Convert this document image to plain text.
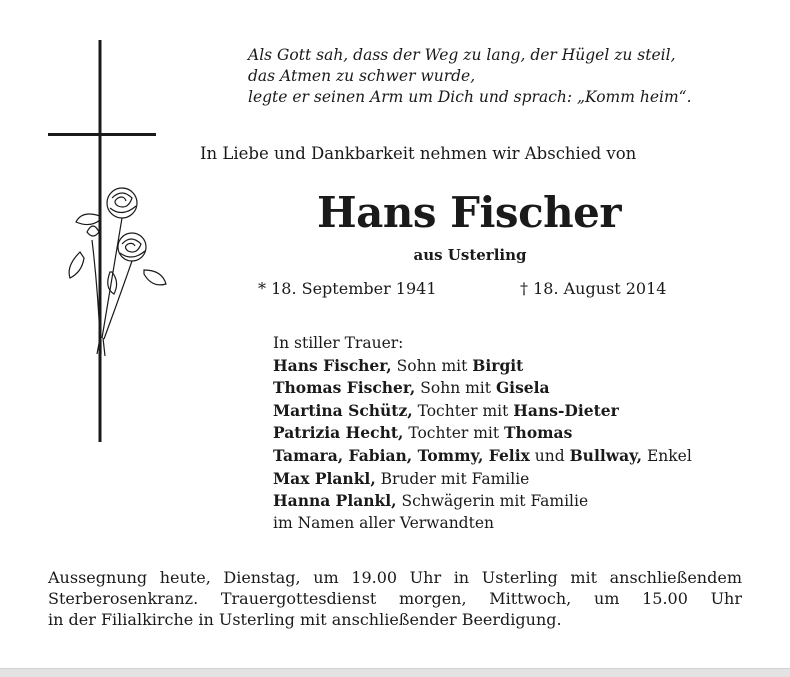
Als Gott sah, dass der Weg zu lang, der Hügel zu steil,
das Atmen zu schwer wurde,
legte er seinen Arm um Dich und sprach: „Komm heim“.
In Liebe und Dankbarkeit nehmen wir Abschied von
Hans Fischer
aus Usterling
* 18. September 1941	† 18. August 2014
In stiller Trauer:
Hans Fischer, Sohn mit Birgit
Thomas Fischer, Sohn mit Gisela
Martina Schütz, Tochter mit Hans-Dieter
Patrizia Hecht, Tochter mit Thomas
Tamara, Fabian, Tommy, Felix und Bullway, Enkel
Max Plankl, Bruder mit Familie
Hanna Plankl, Schwägerin mit Familie
im Namen aller Verwandten
Aussegnung heute, Dienstag, um 19.00 Uhr in Usterling mit anschließendem
Sterberosenkranz. Trauergottesdienst morgen, Mittwoch, um 15.00 Uhr
in der Filialkirche in Usterling mit anschließender Beerdigung.
